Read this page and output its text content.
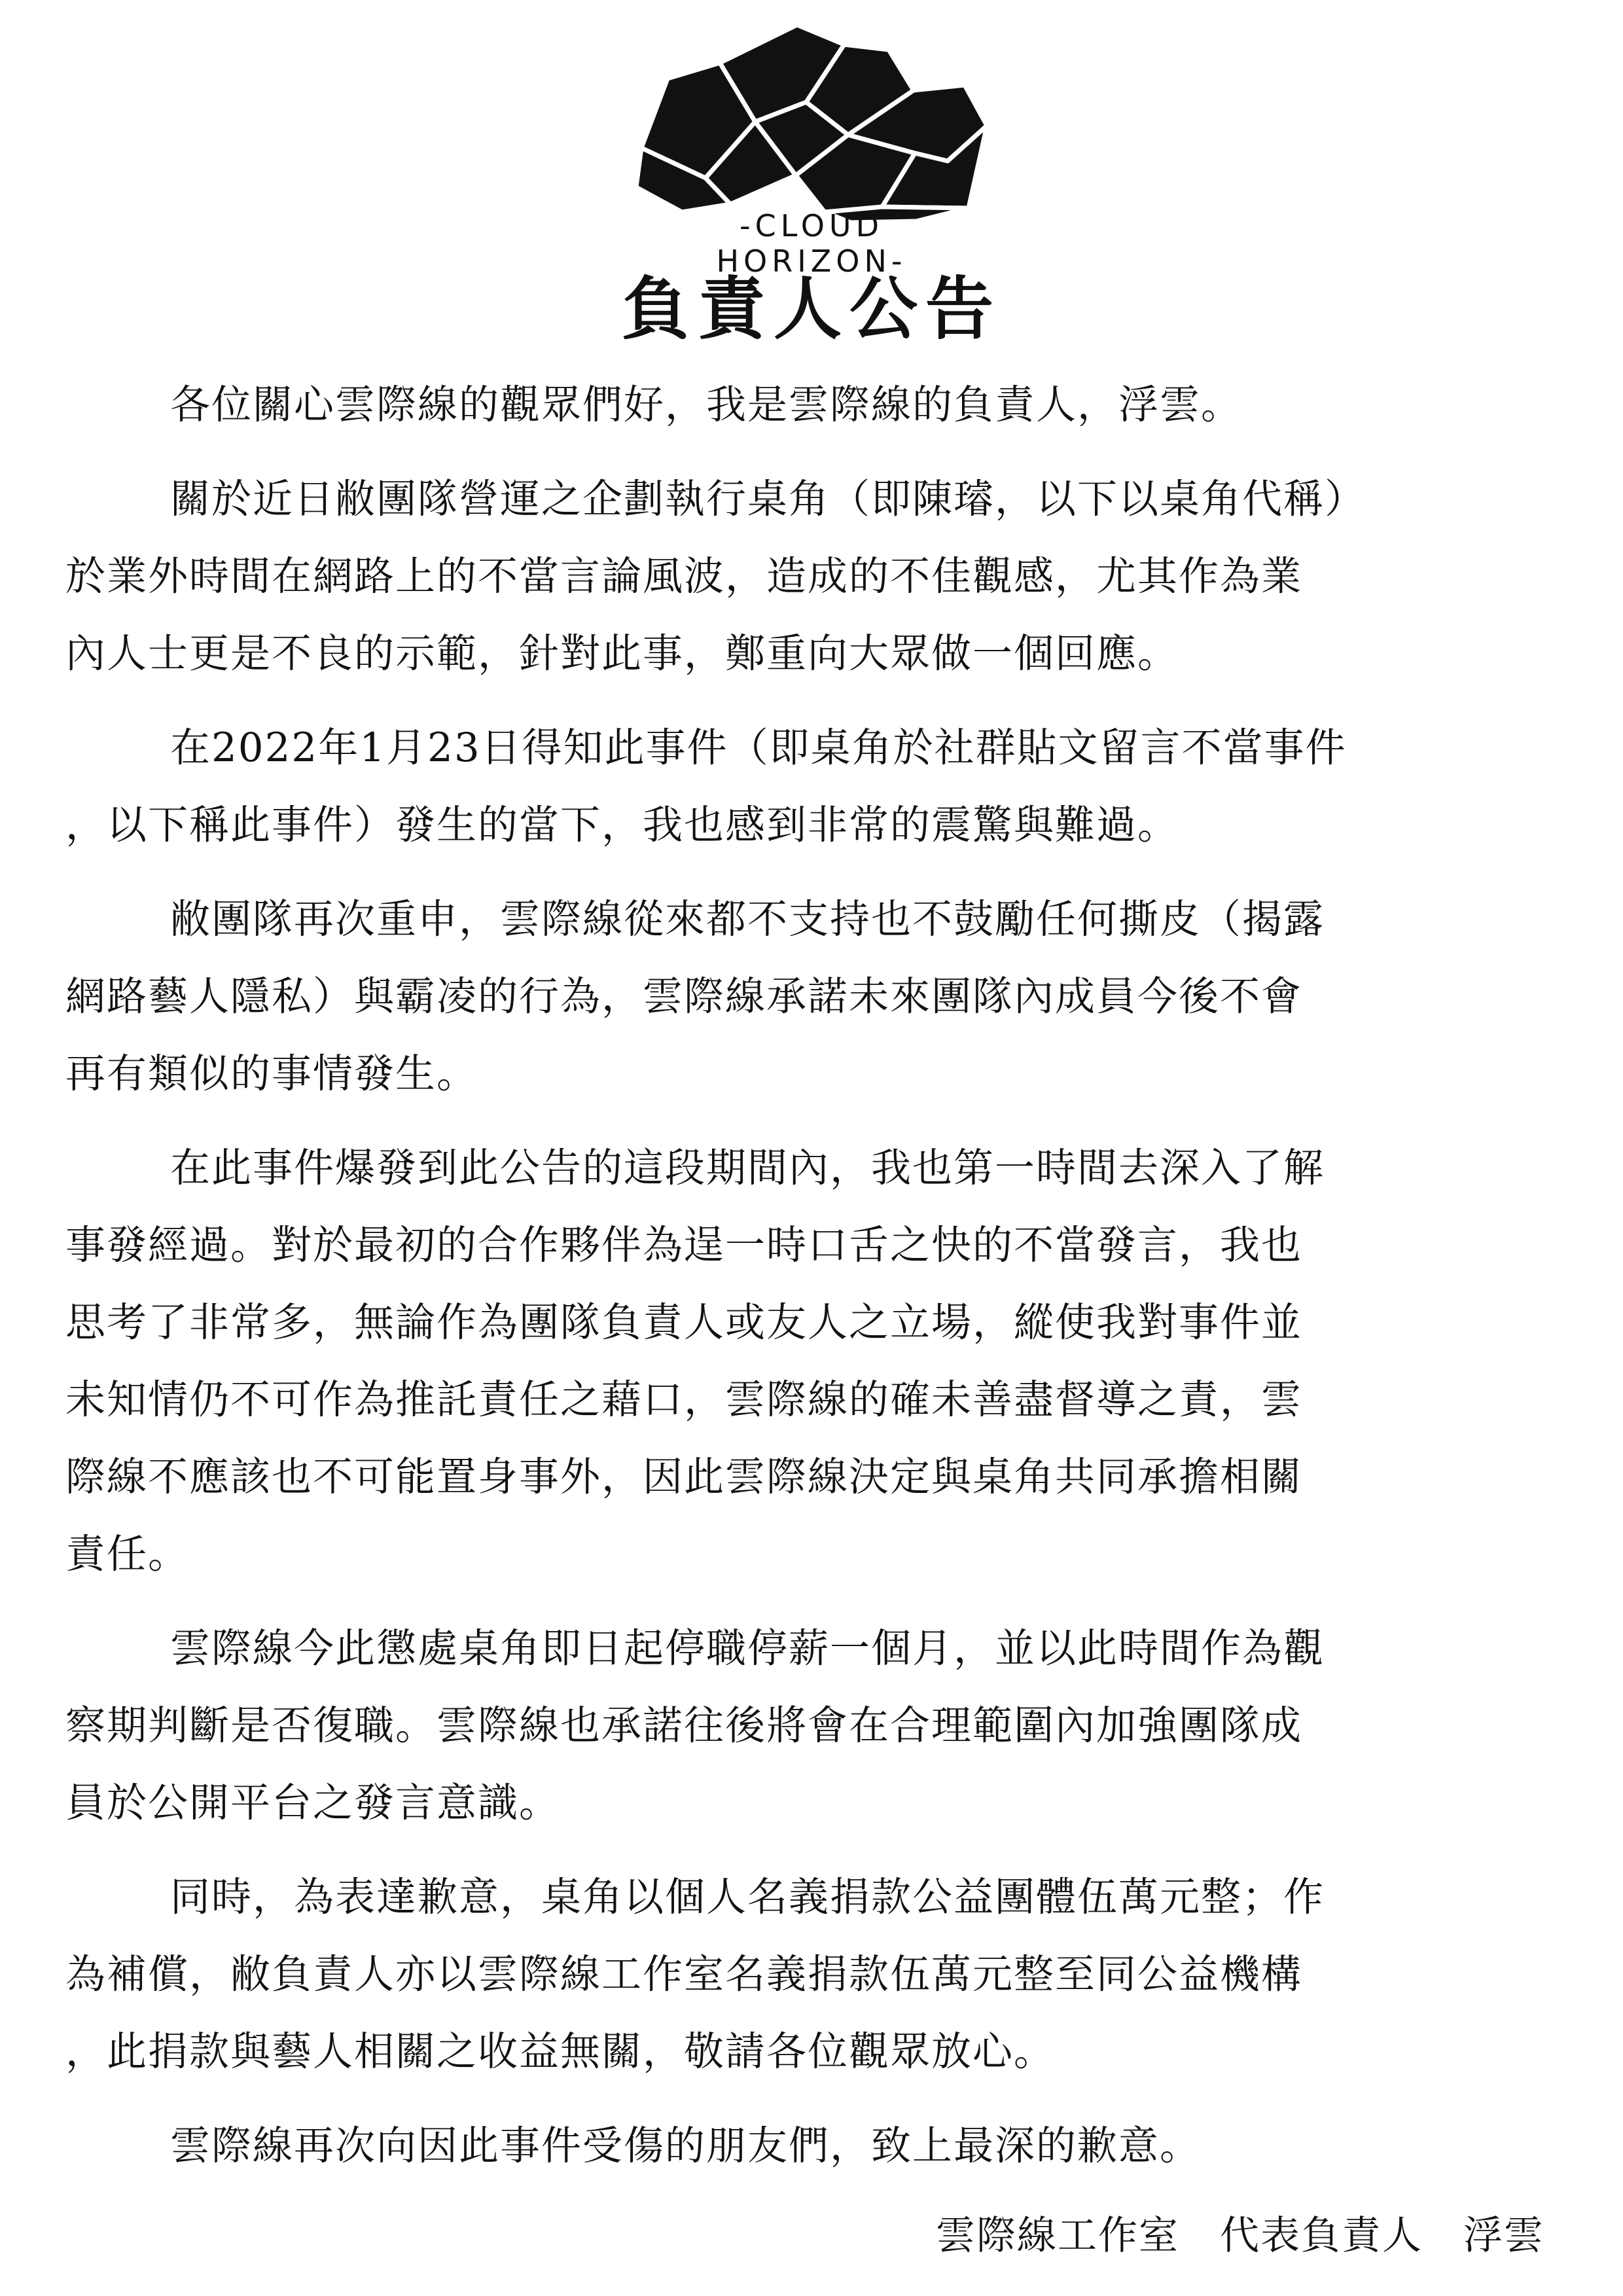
-CLOUD HORIZON-
負責人公告

各位關心雲際線的觀眾們好，我是雲際線的負責人，浮雲。

關於近日敝團隊營運之企劃執行桌角（即陳璿，以下以桌角代稱）
於業外時間在網路上的不當言論風波，造成的不佳觀感，尤其作為業
內人士更是不良的示範，針對此事，鄭重向大眾做一個回應。

在2022年1月23日得知此事件（即桌角於社群貼文留言不當事件
，以下稱此事件）發生的當下，我也感到非常的震驚與難過。

敝團隊再次重申，雲際線從來都不支持也不鼓勵任何撕皮（揭露
網路藝人隱私）與霸凌的行為，雲際線承諾未來團隊內成員今後不會
再有類似的事情發生。

在此事件爆發到此公告的這段期間內，我也第一時間去深入了解
事發經過。對於最初的合作夥伴為逞一時口舌之快的不當發言，我也
思考了非常多，無論作為團隊負責人或友人之立場，縱使我對事件並
未知情仍不可作為推託責任之藉口，雲際線的確未善盡督導之責，雲
際線不應該也不可能置身事外，因此雲際線決定與桌角共同承擔相關
責任。

雲際線今此懲處桌角即日起停職停薪一個月，並以此時間作為觀
察期判斷是否復職。雲際線也承諾往後將會在合理範圍內加強團隊成
員於公開平台之發言意識。

同時，為表達歉意，桌角以個人名義捐款公益團體伍萬元整；作
為補償，敝負責人亦以雲際線工作室名義捐款伍萬元整至同公益機構
，此捐款與藝人相關之收益無關，敬請各位觀眾放心。

雲際線再次向因此事件受傷的朋友們，致上最深的歉意。

雲際線工作室　代表負責人　浮雲
